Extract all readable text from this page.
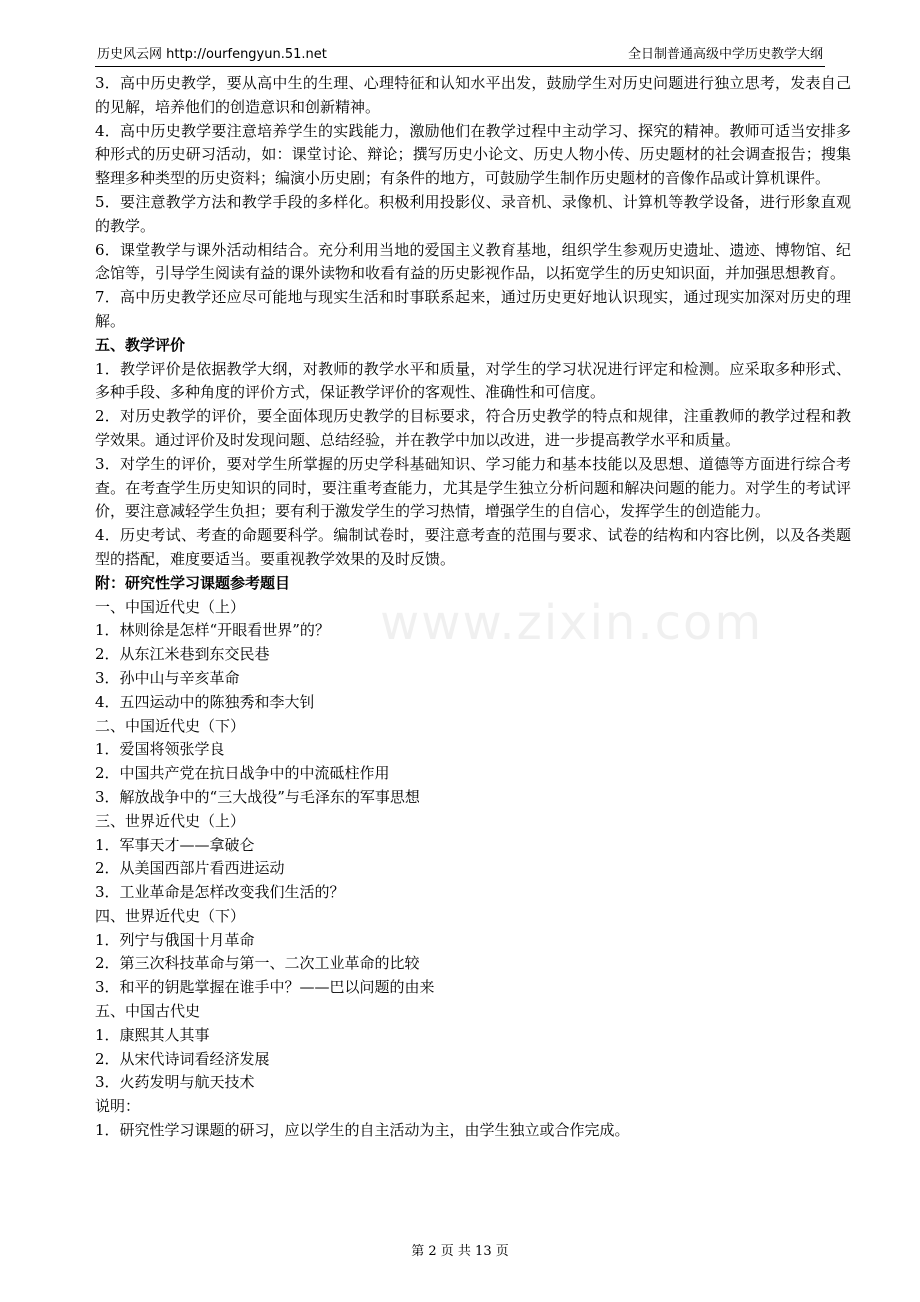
历史风云网 http://ourfengyun.51.net	全日制普通高级中学历史教学大纲
www.zixin.com

3．高中历史教学，要从高中生的生理、心理特征和认知水平出发，鼓励学生对历史问题进行独立思考，发表自己的见解，培养他们的创造意识和创新精神。

4．高中历史教学要注意培养学生的实践能力，激励他们在教学过程中主动学习、探究的精神。教师可适当安排多种形式的历史研习活动，如：课堂讨论、辩论；撰写历史小论文、历史人物小传、历史题材的社会调查报告；搜集整理多种类型的历史资料；编演小历史剧；有条件的地方，可鼓励学生制作历史题材的音像作品或计算机课件。

5．要注意教学方法和教学手段的多样化。积极利用投影仪、录音机、录像机、计算机等教学设备，进行形象直观的教学。

6．课堂教学与课外活动相结合。充分利用当地的爱国主义教育基地，组织学生参观历史遗址、遗迹、博物馆、纪念馆等，引导学生阅读有益的课外读物和收看有益的历史影视作品，以拓宽学生的历史知识面，并加强思想教育。

7．高中历史教学还应尽可能地与现实生活和时事联系起来，通过历史更好地认识现实，通过现实加深对历史的理解。

五、教学评价

1．教学评价是依据教学大纲，对教师的教学水平和质量，对学生的学习状况进行评定和检测。应采取多种形式、多种手段、多种角度的评价方式，保证教学评价的客观性、准确性和可信度。

2．对历史教学的评价，要全面体现历史教学的目标要求，符合历史教学的特点和规律，注重教师的教学过程和教学效果。通过评价及时发现问题、总结经验，并在教学中加以改进，进一步提高教学水平和质量。

3．对学生的评价，要对学生所掌握的历史学科基础知识、学习能力和基本技能以及思想、道德等方面进行综合考查。在考查学生历史知识的同时，要注重考查能力，尤其是学生独立分析问题和解决问题的能力。对学生的考试评价，要注意减轻学生负担；要有利于激发学生的学习热情，增强学生的自信心，发挥学生的创造能力。

4．历史考试、考查的命题要科学。编制试卷时，要注意考查的范围与要求、试卷的结构和内容比例，以及各类题型的搭配，难度要适当。要重视教学效果的及时反馈。

附：研究性学习课题参考题目

一、中国近代史（上）

1．林则徐是怎样“开眼看世界”的？

2．从东江米巷到东交民巷

3．孙中山与辛亥革命

4．五四运动中的陈独秀和李大钊

二、中国近代史（下）

1．爱国将领张学良

2．中国共产党在抗日战争中的中流砥柱作用

3．解放战争中的“三大战役”与毛泽东的军事思想

三、世界近代史（上）

1．军事天才——拿破仑

2．从美国西部片看西进运动

3．工业革命是怎样改变我们生活的？

四、世界近代史（下）

1．列宁与俄国十月革命

2．第三次科技革命与第一、二次工业革命的比较

3．和平的钥匙掌握在谁手中？——巴以问题的由来

五、中国古代史

1．康熙其人其事

2．从宋代诗词看经济发展

3．火药发明与航天技术

说明：

1．研究性学习课题的研习，应以学生的自主活动为主，由学生独立或合作完成。

第 2 页 共 13 页
